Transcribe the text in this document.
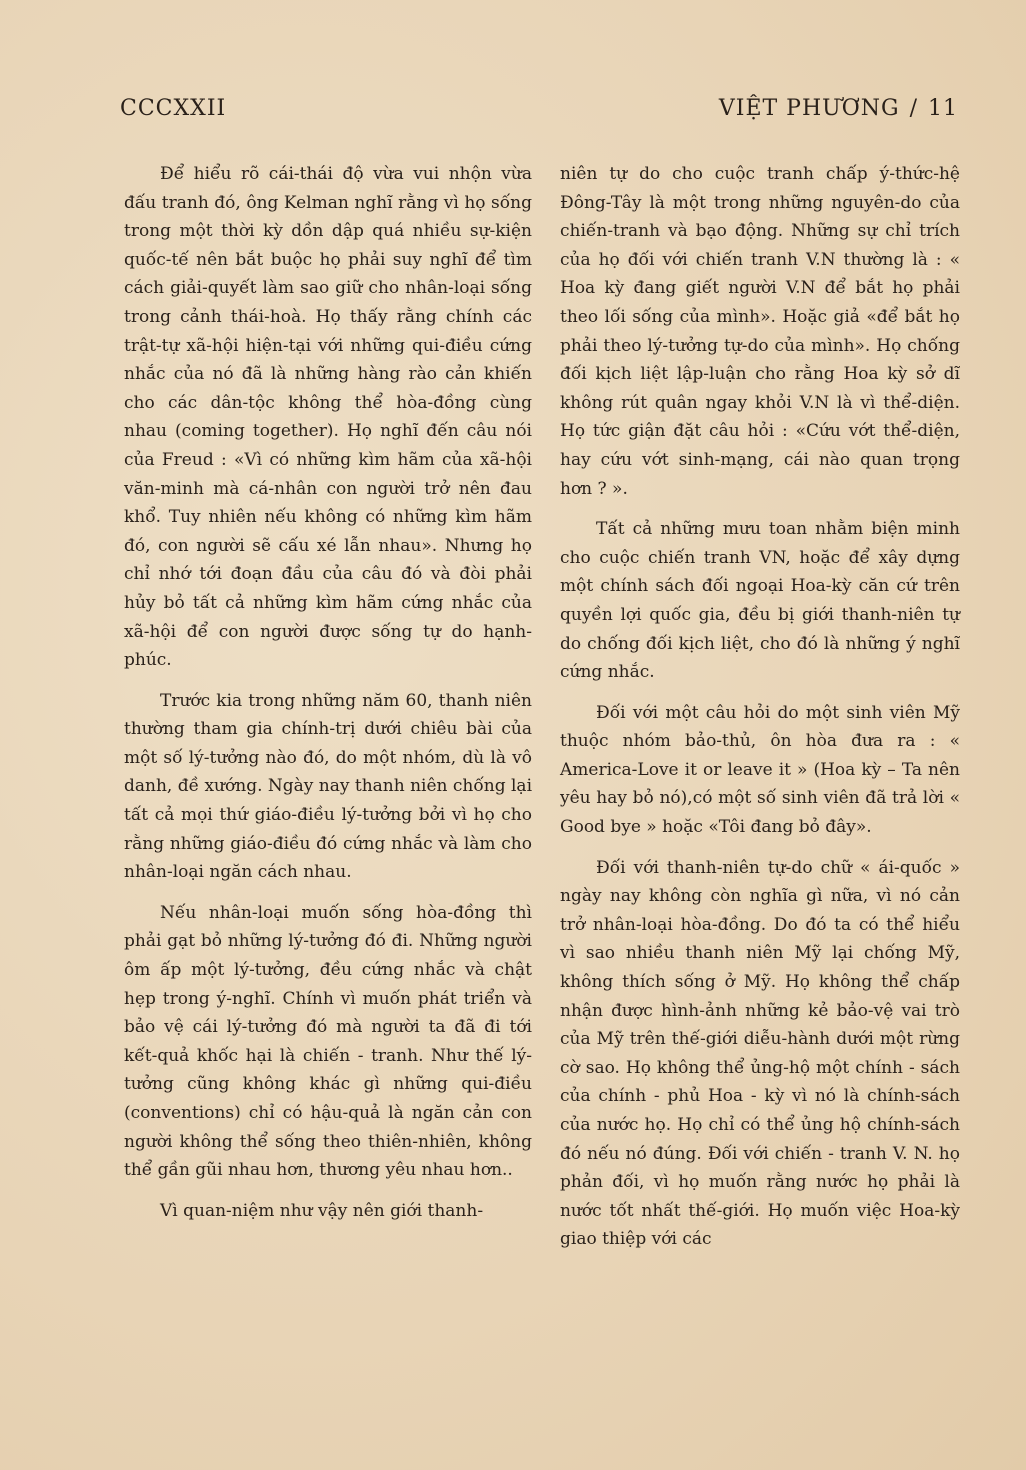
CCCXXII	VIỆT PHƯƠNG / 11

Để hiểu rõ cái-thái độ vừa vui nhộn vừa đấu tranh đó, ông Kelman nghĩ rằng vì họ sống trong một thời kỳ dồn dập quá nhiều sự-kiện quốc-tế nên bắt buộc họ phải suy nghĩ để tìm cách giải-quyết làm sao giữ cho nhân-loại sống trong cảnh thái-hoà. Họ thấy rằng chính các trật-tự xã-hội hiện-tại với những qui-điều cứng nhắc của nó đã là những hàng rào cản khiến cho các dân-tộc không thể hòa-đồng cùng nhau (coming together). Họ nghĩ đến câu nói của Freud : «Vì có những kìm hãm của xã-hội văn-minh mà cá-nhân con người trở nên đau khổ. Tuy nhiên nếu không có những kìm hãm đó, con người sẽ cấu xé lẫn nhau». Nhưng họ chỉ nhớ tới đoạn đầu của câu đó và đòi phải hủy bỏ tất cả những kìm hãm cứng nhắc của xã-hội để con người được sống tự do hạnh-phúc.

Trước kia trong những năm 60, thanh niên thường tham gia chính-trị dưới chiêu bài của một số lý-tưởng nào đó, do một nhóm, dù là vô danh, đề xướng. Ngày nay thanh niên chống lại tất cả mọi thứ giáo-điều lý-tưởng bởi vì họ cho rằng những giáo-điều đó cứng nhắc và làm cho nhân-loại ngăn cách nhau.

Nếu nhân-loại muốn sống hòa-đồng thì phải gạt bỏ những lý-tưởng đó đi. Những người ôm ấp một lý-tưởng, đều cứng nhắc và chật hẹp trong ý-nghĩ. Chính vì muốn phát triển và bảo vệ cái lý-tưởng đó mà người ta đã đi tới kết-quả khốc hại là chiến - tranh. Như thế lý-tưởng cũng không khác gì những qui-điều (conventions) chỉ có hậu-quả là ngăn cản con người không thể sống theo thiên-nhiên, không thể gần gũi nhau hơn, thương yêu nhau hơn..

Vì quan-niệm như vậy nên giới thanh-

niên tự do cho cuộc tranh chấp ý-thức-hệ Đông-Tây là một trong những nguyên-do của chiến-tranh và bạo động. Những sự chỉ trích của họ đối với chiến tranh V.N thường là : « Hoa kỳ đang giết người V.N để bắt họ phải theo lối sống của mình». Hoặc giả «để bắt họ phải theo lý-tưởng tự-do của mình». Họ chống đối kịch liệt lập-luận cho rằng Hoa kỳ sở dĩ không rút quân ngay khỏi V.N là vì thể-diện. Họ tức giận đặt câu hỏi : «Cứu vớt thể-diện, hay cứu vớt sinh-mạng, cái nào quan trọng hơn ? ».

Tất cả những mưu toan nhằm biện minh cho cuộc chiến tranh VN, hoặc để xây dựng một chính sách đối ngoại Hoa-kỳ căn cứ trên quyền lợi quốc gia, đều bị giới thanh-niên tự do chống đối kịch liệt, cho đó là những ý nghĩ cứng nhắc.

Đối với một câu hỏi do một sinh viên Mỹ thuộc nhóm bảo-thủ, ôn hòa đưa ra : « America-Love it or leave it » (Hoa kỳ – Ta nên yêu hay bỏ nó),có một số sinh viên đã trả lời « Good bye » hoặc «Tôi đang bỏ đây».

Đối với thanh-niên tự-do chữ « ái-quốc » ngày nay không còn nghĩa gì nữa, vì nó cản trở nhân-loại hòa-đồng. Do đó ta có thể hiểu vì sao nhiều thanh niên Mỹ lại chống Mỹ, không thích sống ở Mỹ. Họ không thể chấp nhận được hình-ảnh những kẻ bảo-vệ vai trò của Mỹ trên thế-giới diễu-hành dưới một rừng cờ sao. Họ không thể ủng-hộ một chính - sách của chính - phủ Hoa - kỳ vì nó là chính-sách của nước họ. Họ chỉ có thể ủng hộ chính-sách đó nếu nó đúng. Đối với chiến - tranh V. N. họ phản đối, vì họ muốn rằng nước họ phải là nước tốt nhất thế-giới. Họ muốn việc Hoa-kỳ giao thiệp với các
